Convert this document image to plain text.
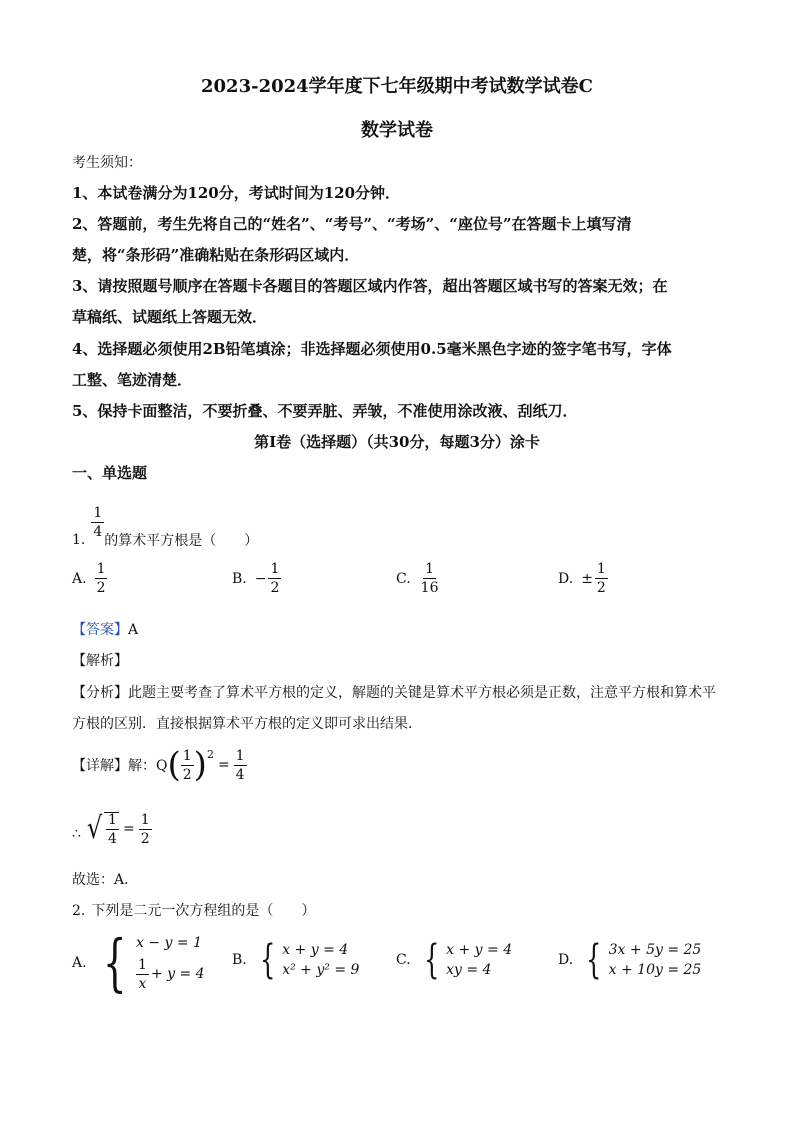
2023-2024学年度下七年级期中考试数学试卷C
数学试卷
考生须知：
1、本试卷满分为120分，考试时间为120分钟．
2、答题前，考生先将自己的“姓名”、“考号”、“考场”、“座位号”在答题卡上填写清
楚，将“条形码”准确粘贴在条形码区域内．
3、请按照题号顺序在答题卡各题目的答题区域内作答，超出答题区域书写的答案无效；在
草稿纸、试题纸上答题无效．
4、选择题必须使用2B铅笔填涂；非选择题必须使用0.5毫米黑色字迹的签字笔书写，字体
工整、笔迹清楚．
5、保持卡面整洁，不要折叠、不要弄脏、弄皱，不准使用涂改液、刮纸刀．
第Ⅰ卷（选择题）（共30分，每题3分）涂卡
一、单选题
1.
$\frac{1}{4}$
的算术平方根是（　　）
A. $\frac{1}{2}$	B. − $\frac{1}{2}$	C. $\frac{1}{16}$	D. ± $\frac{1}{2}$
【答案】A
【解析】
【分析】此题主要考查了算术平方根的定义，解题的关键是算术平方根必须是正数，注意平方根和算术平
方根的区别．直接根据算术平方根的定义即可求出结果．
【详解】 解：Q ( $\frac{1}{2} )^2$
= $\frac{1}{4}$
∴ √ $\frac{1}{4} = \frac{1}{2}$
故选：A．
2. 下列是二元一次方程组的是（　　）
A. { x − y = 1
$\frac{1}{x} + y = 4$
B. { x + y = 4
x² + y² = 9
C. { x + y = 4
xy = 4
D. { 3x + 5y = 25
x + 10y = 25
